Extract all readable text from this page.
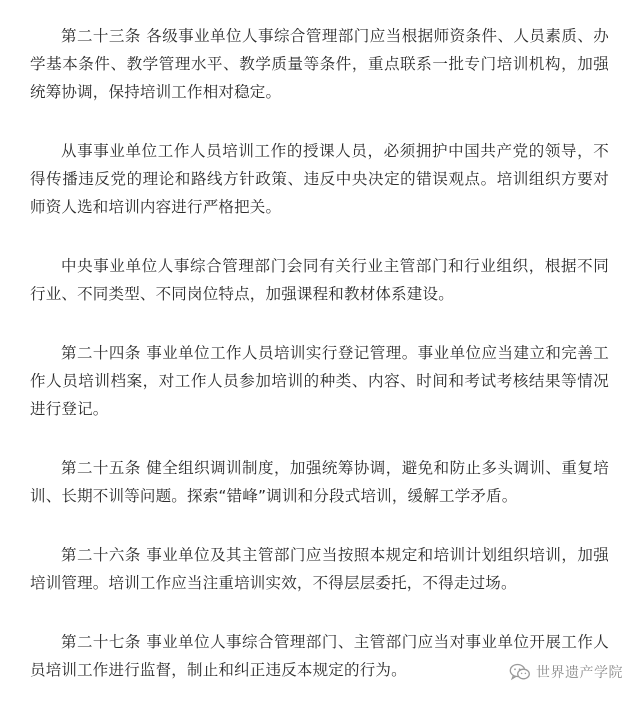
第二十三条 各级事业单位人事综合管理部门应当根据师资条件、人员素质、办学基本条件、教学管理水平、教学质量等条件，重点联系一批专门培训机构，加强统筹协调，保持培训工作相对稳定。

从事事业单位工作人员培训工作的授课人员，必须拥护中国共产党的领导，不得传播违反党的理论和路线方针政策、违反中央决定的错误观点。培训组织方要对师资人选和培训内容进行严格把关。

中央事业单位人事综合管理部门会同有关行业主管部门和行业组织，根据不同行业、不同类型、不同岗位特点，加强课程和教材体系建设。

第二十四条 事业单位工作人员培训实行登记管理。事业单位应当建立和完善工作人员培训档案，对工作人员参加培训的种类、内容、时间和考试考核结果等情况进行登记。

第二十五条 健全组织调训制度，加强统筹协调，避免和防止多头调训、重复培训、长期不训等问题。探索“错峰”调训和分段式培训，缓解工学矛盾。

第二十六条 事业单位及其主管部门应当按照本规定和培训计划组织培训，加强培训管理。培训工作应当注重培训实效，不得层层委托，不得走过场。

第二十七条 事业单位人事综合管理部门、主管部门应当对事业单位开展工作人员培训工作进行监督，制止和纠正违反本规定的行为。	世界遗产学院
